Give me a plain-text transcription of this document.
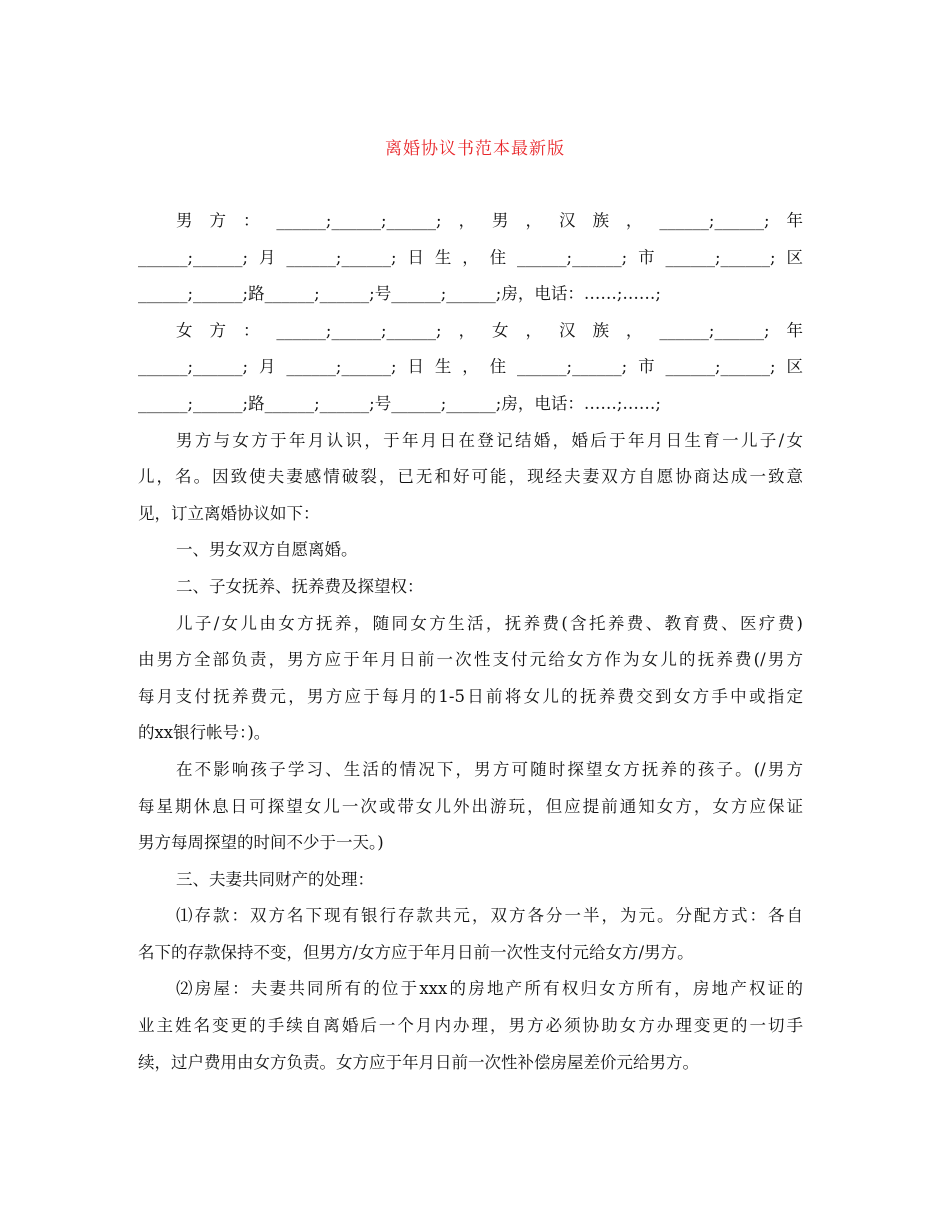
离婚协议书范本最新版
男方：______;______;______;，男，汉族，______;______;年
______;______;月______;______;日生，住______;______;市______;______;区
______;______;路______;______;号______;______;房，电话：……;……;
女方：______;______;______;，女，汉族，______;______;年
______;______;月______;______;日生，住______;______;市______;______;区
______;______;路______;______;号______;______;房，电话：……;……;
男方与女方于年月认识，于年月日在登记结婚，婚后于年月日生育一儿子/女
儿，名。因致使夫妻感情破裂，已无和好可能，现经夫妻双方自愿协商达成一致意
见，订立离婚协议如下：
一、男女双方自愿离婚。
二、子女抚养、抚养费及探望权：
儿子/女儿由女方抚养，随同女方生活，抚养费(含托养费、教育费、医疗费)
由男方全部负责，男方应于年月日前一次性支付元给女方作为女儿的抚养费(/男方
每月支付抚养费元，男方应于每月的1-5日前将女儿的抚养费交到女方手中或指定
的xx银行帐号：)。
在不影响孩子学习、生活的情况下，男方可随时探望女方抚养的孩子。(/男方
每星期休息日可探望女儿一次或带女儿外出游玩，但应提前通知女方，女方应保证
男方每周探望的时间不少于一天。)
三、夫妻共同财产的处理：
⑴存款：双方名下现有银行存款共元，双方各分一半，为元。分配方式：各自
名下的存款保持不变，但男方/女方应于年月日前一次性支付元给女方/男方。
⑵房屋：夫妻共同所有的位于xxx的房地产所有权归女方所有，房地产权证的
业主姓名变更的手续自离婚后一个月内办理，男方必须协助女方办理变更的一切手
续，过户费用由女方负责。女方应于年月日前一次性补偿房屋差价元给男方。
